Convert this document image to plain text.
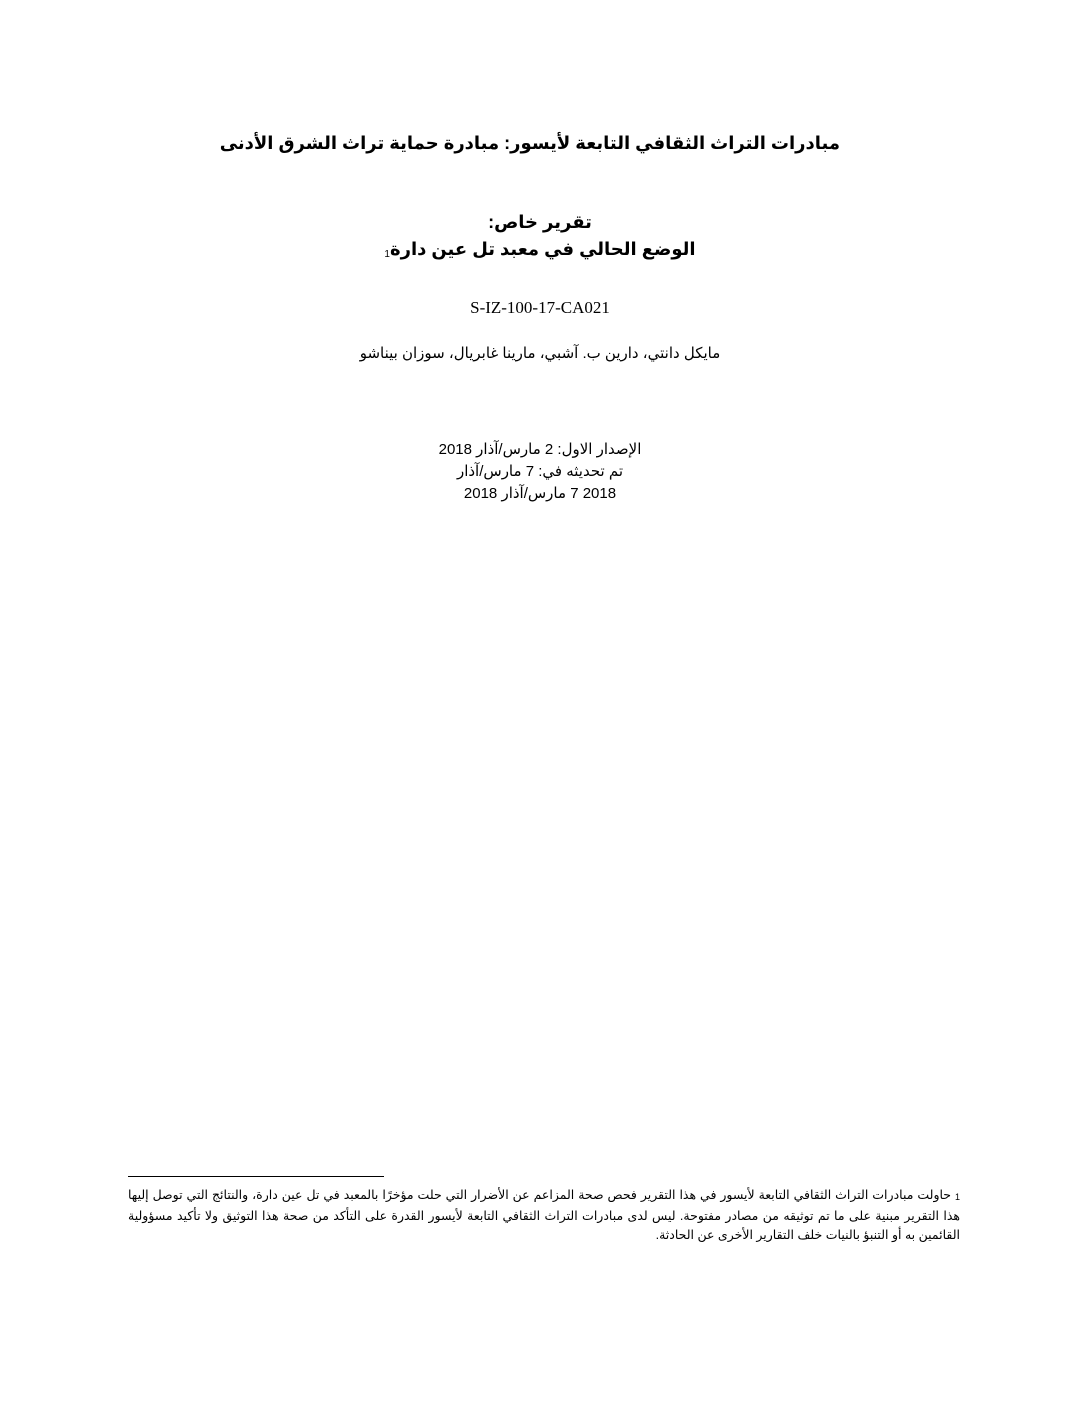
مبادرات التراث الثقافي التابعة لأيسور: مبادرة حماية تراث الشرق الأدنى
تقرير خاص:
الوضع الحالي في معبد تل عين دارة$_1$
S-IZ-100-17-CA021
مايكل دانتي، دارين ب. آشبي، مارينا غابريال، سوزان بيناشو
الإصدار الاول: 2 مارس/آذار 2018
تم تحديثه في: 7 مارس/آذار
2018 7 مارس/آذار 2018
$^1$ حاولت مبادرات التراث الثقافي التابعة لأيسور في هذا التقرير فحص صحة المزاعم عن الأضرار التي حلت مؤخرًا بالمعبد في تل عين دارة، والنتائج التي توصل إليها هذا التقرير مبنية على ما تم توثيقه من مصادر مفتوحة. ليس لدى مبادرات التراث الثقافي التابعة لأيسور القدرة على التأكد من صحة هذا التوثيق ولا تأكيد مسؤولية القائمين به أو التنبؤ بالنيات خلف التقارير الأخرى عن الحادثة.
